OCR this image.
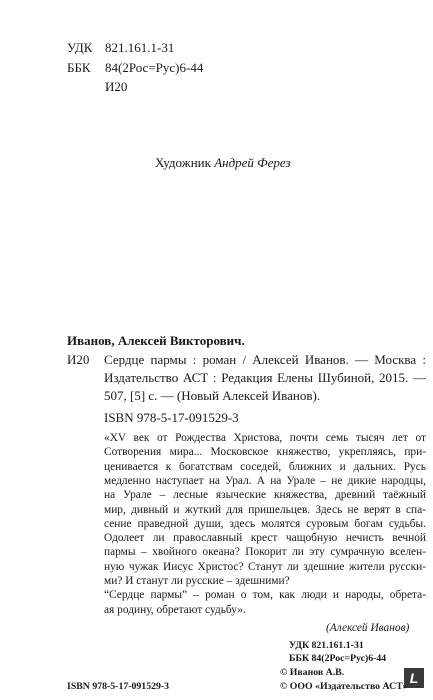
УДК 821.161.1-31
ББК 84(2Рос=Рус)6-44
И20
Художник Андрей Ферез
Иванов, Алексей Викторович.
И20 Сердце пармы : роман / Алексей Иванов. — Москва :
Издательство АСТ : Редакция Елены Шубиной, 2015. —
507, [5] с. — (Новый Алексей Иванов).
ISBN 978-5-17-091529-3
«XV век от Рождества Христова, почти семь тысяч лет от
Сотворения мира... Московское княжество, укрепляясь, при-
ценивается к богатствам соседей, ближних и дальних. Русь
медленно наступает на Урал. А на Урале – не дикие народцы,
на Урале – лесные языческие княжества, древний таёжный
мир, дивный и жуткий для пришельцев. Здесь не верят в спа-
сение праведной души, здесь молятся суровым богам судьбы.
Одолеет ли православный крест чащобную нечисть вечной
пармы – хвойного океана? Покорит ли эту сумрачную вселен-
ную чужак Иисус Христос? Станут ли здешние жители русски-
ми? И станут ли русские – здешними?
“Сердце пармы” – роман о том, как люди и народы, обрета-
ая родину, обретают судьбу».
(Алексей Иванов)
УДК 821.161.1-31
ББК 84(2Рос=Рус)6-44
L
ISBN 978-5-17-091529-3	© ООО «Издательство АСТ»
© Иванов А.В.
